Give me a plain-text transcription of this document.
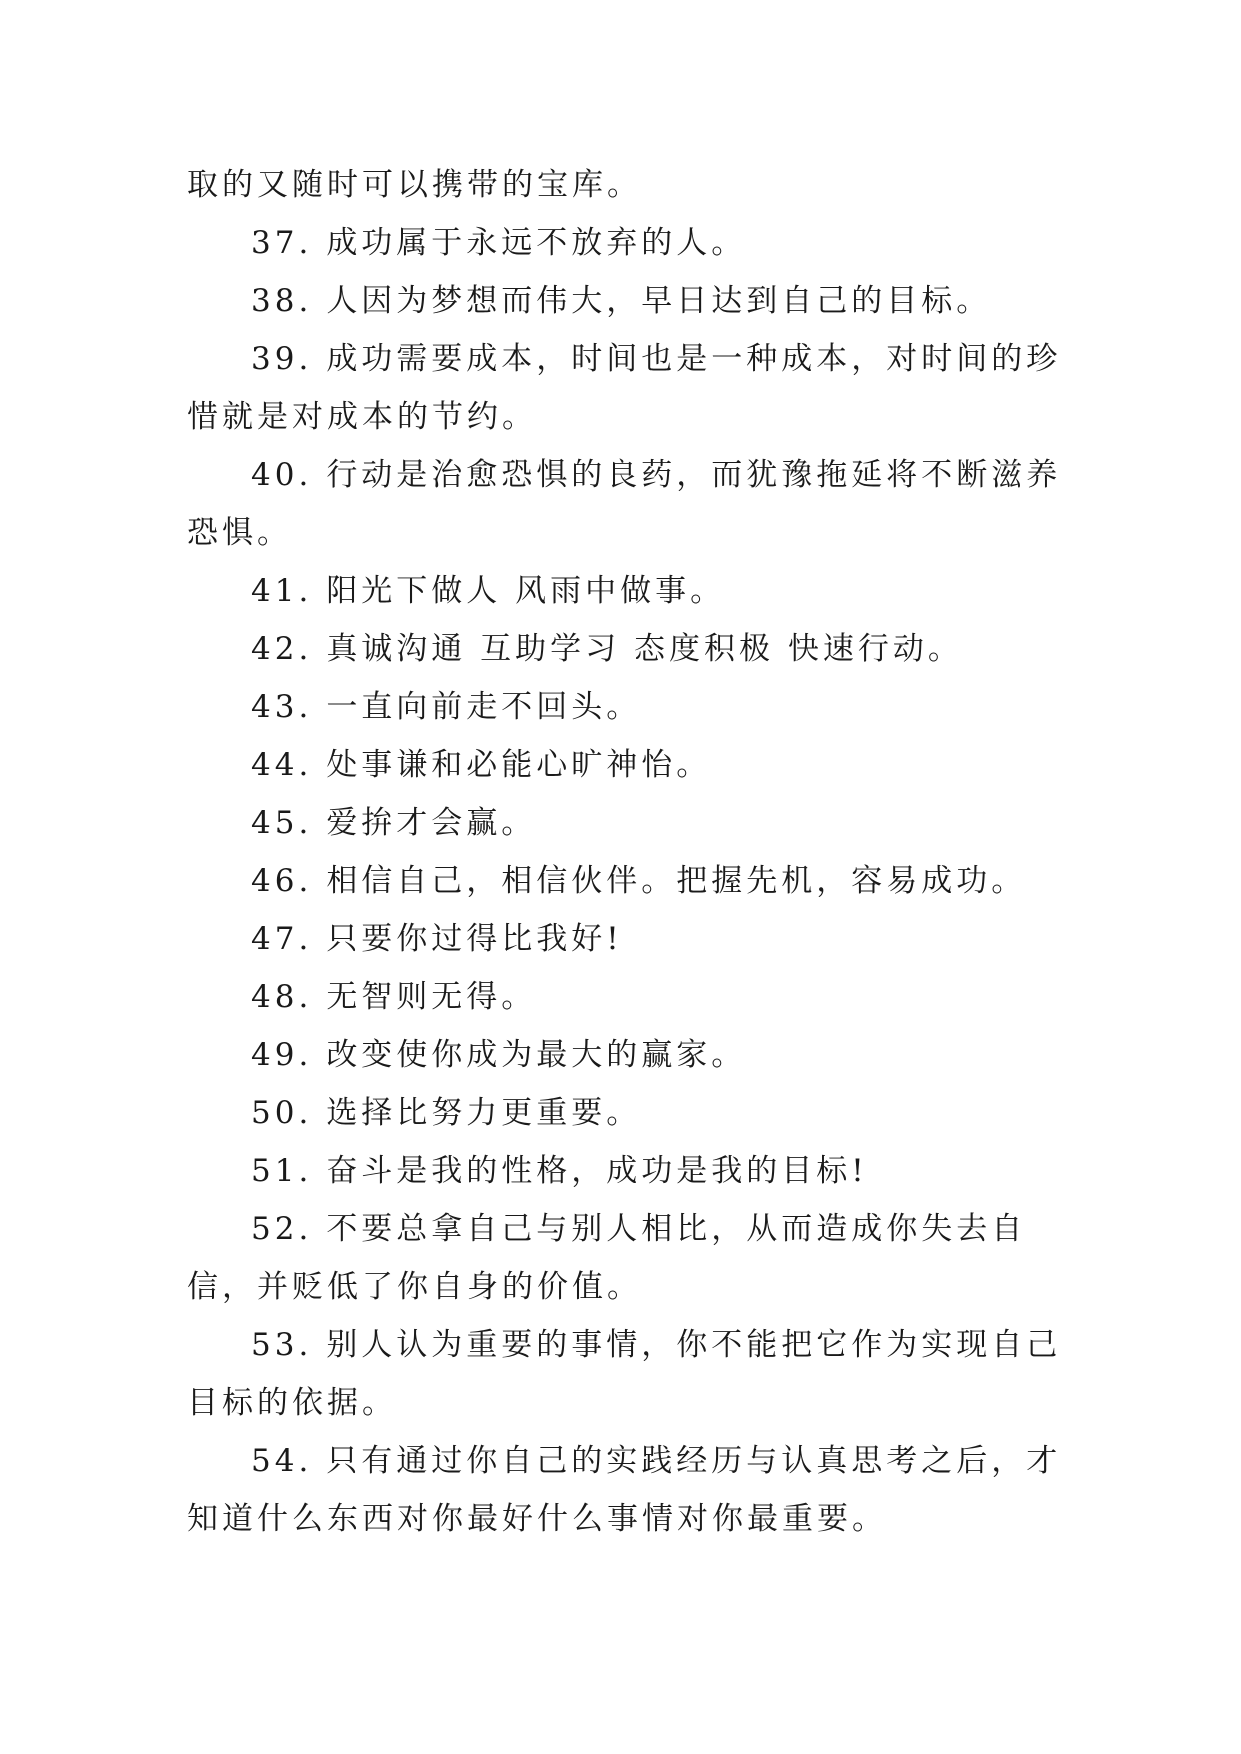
取的又随时可以携带的宝库。

37. 成功属于永远不放弃的人。

38. 人因为梦想而伟大，早日达到自己的目标。

39. 成功需要成本，时间也是一种成本，对时间的珍惜就是对成本的节约。

40. 行动是治愈恐惧的良药，而犹豫拖延将不断滋养恐惧。

41. 阳光下做人 风雨中做事。

42. 真诚沟通 互助学习 态度积极 快速行动。

43. 一直向前走不回头。

44. 处事谦和必能心旷神怡。

45. 爱拚才会赢。

46. 相信自己，相信伙伴。把握先机，容易成功。

47. 只要你过得比我好!

48. 无智则无得。

49. 改变使你成为最大的赢家。

50. 选择比努力更重要。

51. 奋斗是我的性格，成功是我的目标!

52. 不要总拿自己与别人相比，从而造成你失去自信，并贬低了你自身的价值。

53. 别人认为重要的事情，你不能把它作为实现自己目标的依据。

54. 只有通过你自己的实践经历与认真思考之后，才知道什么东西对你最好什么事情对你最重要。
